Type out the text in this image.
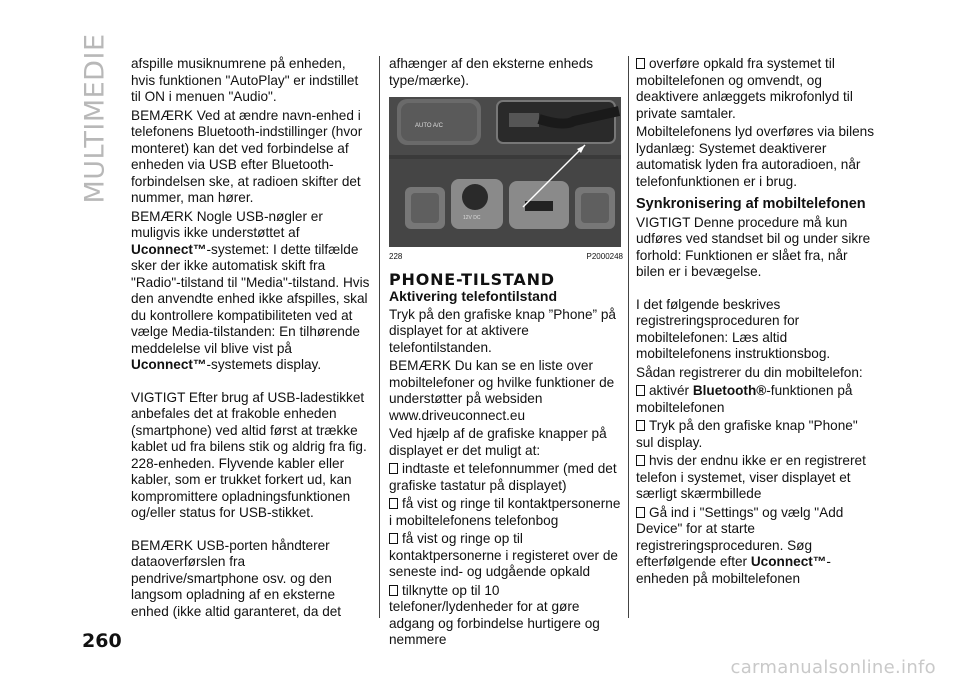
MULTIMEDIE afspille musiknumrene på enheden, hvis funktionen "AutoPlay" er indstillet til ON i menuen "Audio".

BEMÆRK Ved at ændre navn-enhed i telefonens Bluetooth-indstillinger (hvor monteret) kan det ved forbindelse af enheden via USB efter Bluetooth-forbindelsen ske, at radioen skifter det nummer, man hører.

BEMÆRK Nogle USB-nøgler er muligvis ikke understøttet af Uconnect™-systemet: I dette tilfælde sker der ikke automatisk skift fra "Radio"-tilstand til "Media"-tilstand. Hvis den anvendte enhed ikke afspilles, skal du kontrollere kompatibiliteten ved at vælge Media-tilstanden: En tilhørende meddelelse vil blive vist på Uconnect™-systemets display.

VIGTIGT Efter brug af USB-ladestikket anbefales det at frakoble enheden (smartphone) ved altid først at trække kablet ud fra bilens stik og aldrig fra fig. 228-enheden. Flyvende kabler eller kabler, som er trukket forkert ud, kan kompromittere opladningsfunktionen og/eller status for USB-stikket.

BEMÆRK USB-porten håndterer dataoverførslen fra pendrive/smartphone osv. og den langsom opladning af en eksterne enhed (ikke altid garanteret, da det

afhænger af den eksterne enheds type/mærke).

AUTO A/C
12V DC
228	P2000248
PHONE-TILSTAND
Aktivering telefontilstand

Tryk på den grafiske knap ”Phone” på displayet for at aktivere telefontilstanden.

BEMÆRK Du kan se en liste over mobiltelefoner og hvilke funktioner de understøtter på websiden www.driveuconnect.eu

Ved hjælp af de grafiske knapper på displayet er det muligt at:

indtaste et telefonnummer (med det grafiske tastatur på displayet)

få vist og ringe til kontaktpersonerne i mobiltelefonens telefonbog

få vist og ringe op til kontaktpersonerne i registeret over de seneste ind- og udgående opkald

tilknytte op til 10 telefoner/lydenheder for at gøre adgang og forbindelse hurtigere og nemmere

overføre opkald fra systemet til mobiltelefonen og omvendt, og deaktivere anlæggets mikrofonlyd til private samtaler.

Mobiltelefonens lyd overføres via bilens lydanlæg: Systemet deaktiverer automatisk lyden fra autoradioen, når telefonfunktionen er i brug.

Synkronisering af mobiltelefonen

VIGTIGT Denne procedure må kun udføres ved standset bil og under sikre forhold: Funktionen er slået fra, når bilen er i bevægelse.

I det følgende beskrives registreringsproceduren for mobiltelefonen: Læs altid mobiltelefonens instruktionsbog.

Sådan registrerer du din mobiltelefon:

aktivér Bluetooth®-funktionen på mobiltelefonen

Tryk på den grafiske knap "Phone" sul display.

hvis der endnu ikke er en registreret telefon i systemet, viser displayet et særligt skærmbillede

Gå ind i "Settings" og vælg "Add Device" for at starte registreringsproceduren. Søg efterfølgende efter Uconnect™-enheden på mobiltelefonen

260
carmanualsonline.info
